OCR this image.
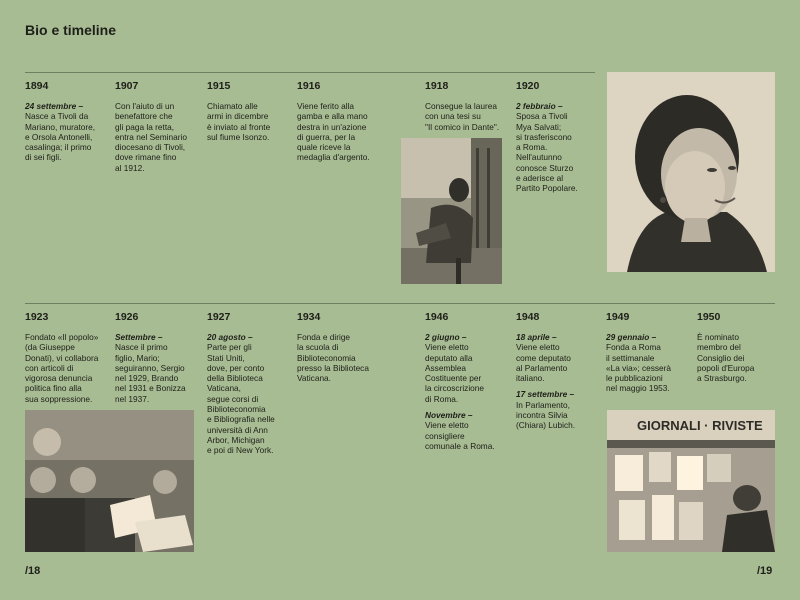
Bio e timeline
1894

24 settembre –
Nasce a Tivoli da
Mariano, muratore,
e Orsola Antonelli,
casalinga; il primo
di sei figli.

1907

Con l'aiuto di un
benefattore che
gli paga la retta,
entra nel Seminario
diocesano di Tivoli,
dove rimane fino
al 1912.

1915

Chiamato alle
armi in dicembre
è inviato al fronte
sul fiume Isonzo.

1916

Viene ferito alla
gamba e alla mano
destra in un'azione
di guerra, per la
quale riceve la
medaglia d'argento.

1918

Consegue la laurea
con una tesi su
"Il comico in Dante".

1920

2 febbraio –
Sposa a Tivoli
Mya Salvati;
si trasferiscono
a Roma.
Nell'autunno
conosce Sturzo
e aderisce al
Partito Popolare.

1923

Fondato «Il popolo»
(da Giuseppe
Donati), vi collabora
con articoli di
vigorosa denuncia
politica fino alla
sua soppressione.

1926

Settembre –
Nasce il primo
figlio, Mario;
seguiranno, Sergio
nel 1929, Brando
nel 1931 e Bonizza
nel 1937.

1927

20 agosto –
Parte per gli
Stati Uniti,
dove, per conto
della Biblioteca
Vaticana,
segue corsi di
Biblioteconomia
e Bibliografia nelle
università di Ann
Arbor, Michigan
e poi di New York.

1934

Fonda e dirige
la scuola di
Biblioteconomia
presso la Biblioteca
Vaticana.

1946

2 giugno –
Viene eletto
deputato alla
Assemblea
Costituente per
la circoscrizione
di Roma.

Novembre –
Viene eletto
consigliere
comunale a Roma.

1948

18 aprile –
Viene eletto
come deputato
al Parlamento
italiano.

17 settembre –
In Parlamento,
incontra Silvia
(Chiara) Lubich.

1949

29 gennaio –
Fonda a Roma
il settimanale
«La via»; cesserà
le pubblicazioni
nel maggio 1953.

1950

È nominato
membro del
Consiglio dei
popoli d'Europa
a Strasburgo.

GIORNALI · RIVISTE
/18	/19
